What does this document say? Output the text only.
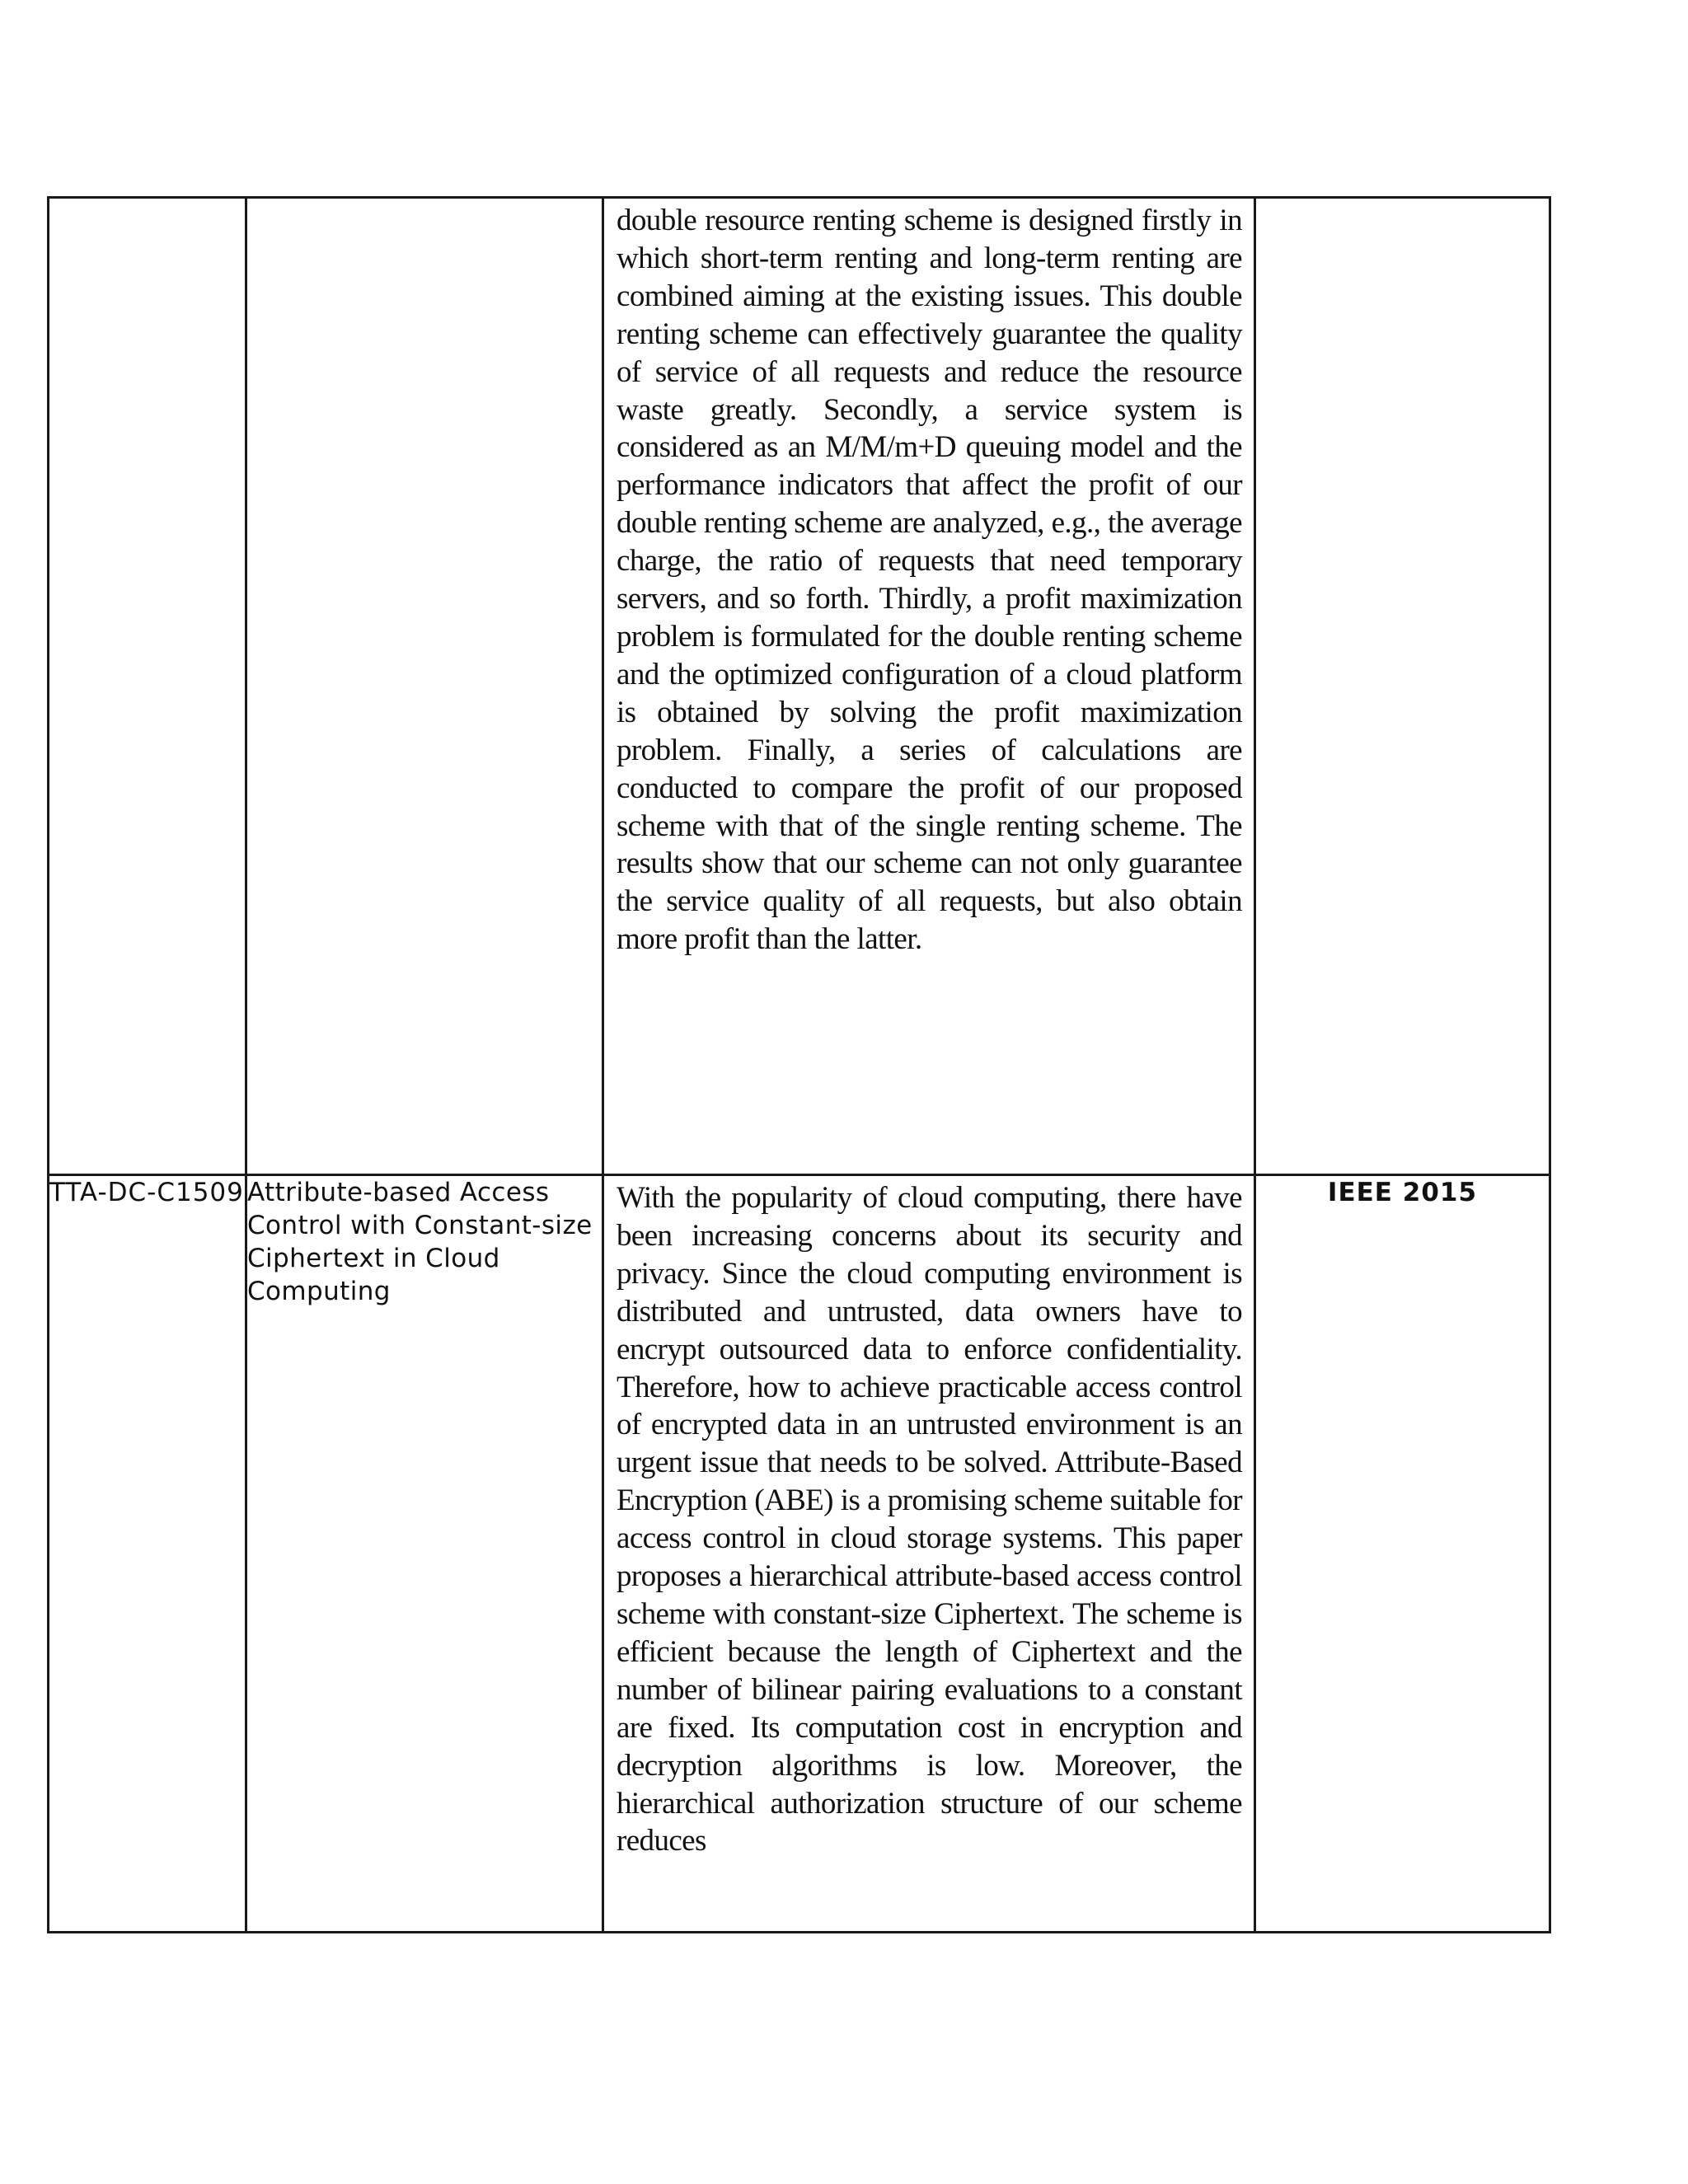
		double resource renting scheme is designed firstly in which short-term renting and long-term renting are combined aiming at the existing issues. This double renting scheme can effectively guarantee the quality of service of all requests and reduce the resource waste greatly. Secondly, a service system is considered as an M/M/m+D queuing model and the performance indicators that affect the profit of our double renting scheme are analyzed, e.g., the average charge, the ratio of requests that need temporary servers, and so forth. Thirdly, a profit maximization problem is formulated for the double renting scheme and the optimized configuration of a cloud platform is obtained by solving the profit maximization problem. Finally, a series of calculations are conducted to compare the profit of our proposed scheme with that of the single renting scheme. The results show that our scheme can not only guarantee the service quality of all requests, but also obtain more profit than the latter.	

TTA-DC-C1509	Attribute-based Access Control with Constant-size Ciphertext in Cloud Computing	With the popularity of cloud computing, there have been increasing concerns about its security and privacy. Since the cloud computing environment is distributed and untrusted, data owners have to encrypt outsourced data to enforce confidentiality. Therefore, how to achieve practicable access control of encrypted data in an untrusted environment is an urgent issue that needs to be solved. Attribute-Based Encryption (ABE) is a promising scheme suitable for access control in cloud storage systems. This paper proposes a hierarchical attribute-based access control scheme with constant-size Ciphertext. The scheme is efficient because the length of Ciphertext and the number of bilinear pairing evaluations to a constant are fixed. Its computation cost in encryption and decryption algorithms is low. Moreover, the hierarchical authorization structure of our scheme reduces	IEEE 2015
